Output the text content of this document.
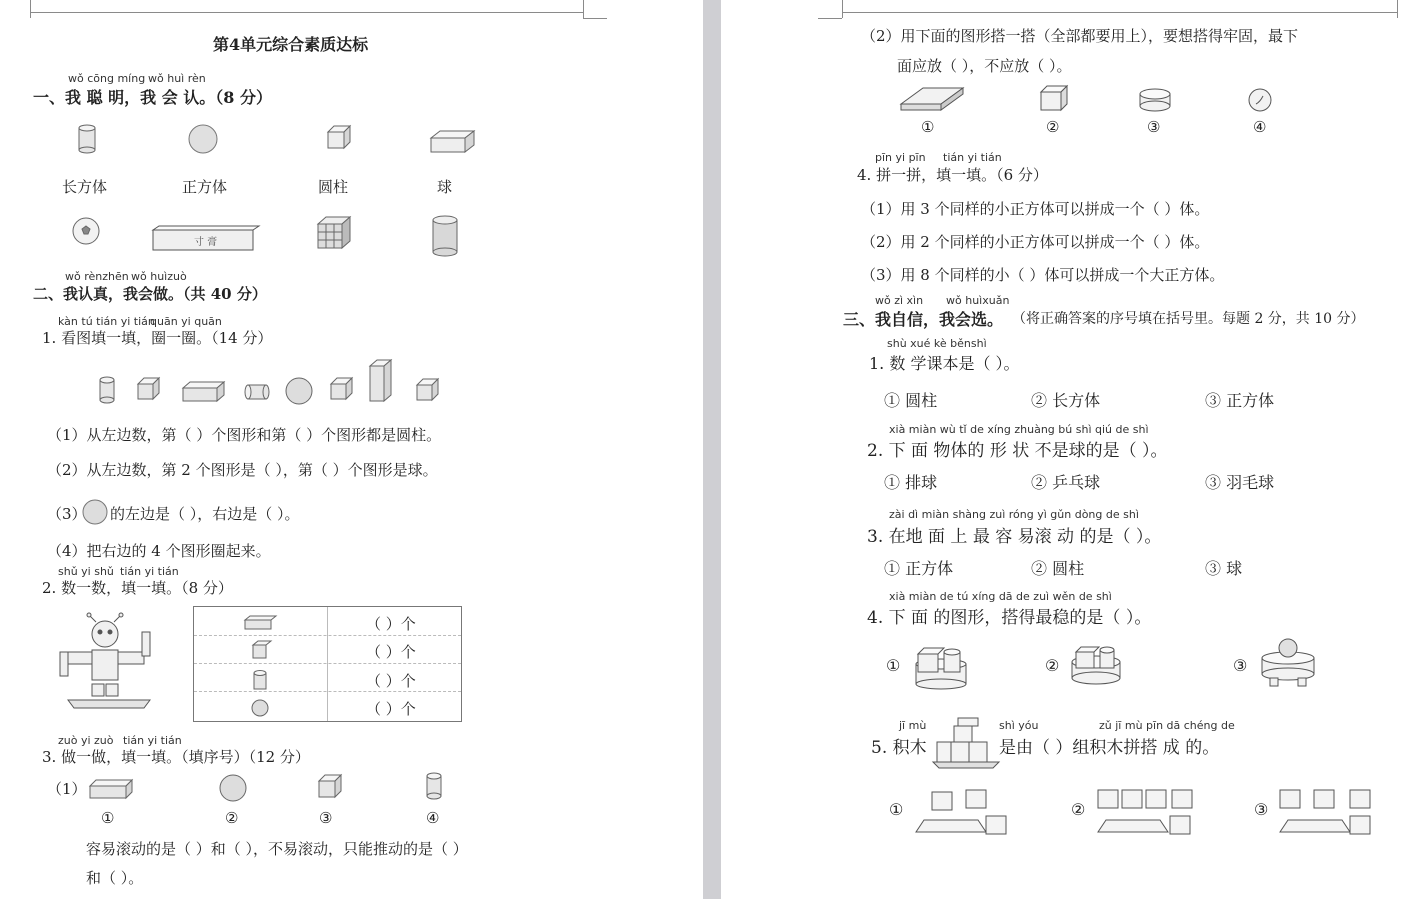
第4单元综合素质达标
wǒ cōng míng wǒ huì rèn
一、我 聪 明，我 会 认。（8 分）
长方体	正方体	圆柱	球
寸 膏
wǒ rènzhēn wǒ huìzuò
二、我认真，我会做。（共 40 分）
kàn tú tián yi tián
quān yi quān
1. 看图填一填，圈一圈。（14 分）
（1）从左边数，第（ ）个图形和第（ ）个图形都是圆柱。
（2）从左边数，第 2 个图形是（ ），第（ ）个图形是球。
（3） 的左边是（ ），右边是（ ）。
（4）把右边的 4 个图形圈起来。
shǔ yi shǔ tián yi tián
2. 数一数，填一填。（8 分）
（ ）个
（ ）个
（ ）个
（ ）个
zuò yi zuò tián yi tián
3. 做一做，填一填。（填序号）（12 分）
（1）
①	②	③	④
容易滚动的是（ ）和（ ），不易滚动，只能推动的是（ ）
和（ ）。
（2）用下面的图形搭一搭（全部都要用上），要想搭得牢固，最下
面应放（ ），不应放（ ）。
①	②	③	④
pīn yi pīn tián yi tián
4. 拼一拼，填一填。（6 分）
（1）用 3 个同样的小正方体可以拼成一个（ ）体。
（2）用 2 个同样的小正方体可以拼成一个（ ）体。
（3）用 8 个同样的小（ ）体可以拼成一个大正方体。
wǒ zì xìn wǒ huìxuǎn
三、我自信，我会选。 （将正确答案的序号填在括号里。每题 2 分，共 10 分）
shù xué kè běnshì
1. 数 学课本是（ ）。
① 圆柱	② 长方体	③ 正方体
xià miàn wù tǐ de xíng zhuàng bú shì qiú de shì
2. 下 面 物体的 形 状 不是球的是（ ）。
① 排球	② 乒乓球	③ 羽毛球
zài dì miàn shàng zuì róng yì gǔn dòng de shì
3. 在地 面 上 最 容 易滚 动 的是（ ）。
① 正方体	② 圆柱	③ 球
xià miàn de tú xíng dā de zuì wěn de shì
4. 下 面 的图形，搭得最稳的是（ ）。
①	②	③
jī mù	shì yóu	zǔ jī mù pīn dā chéng de
5. 积木	是由（ ）组积木拼搭 成 的。
①	②	③
